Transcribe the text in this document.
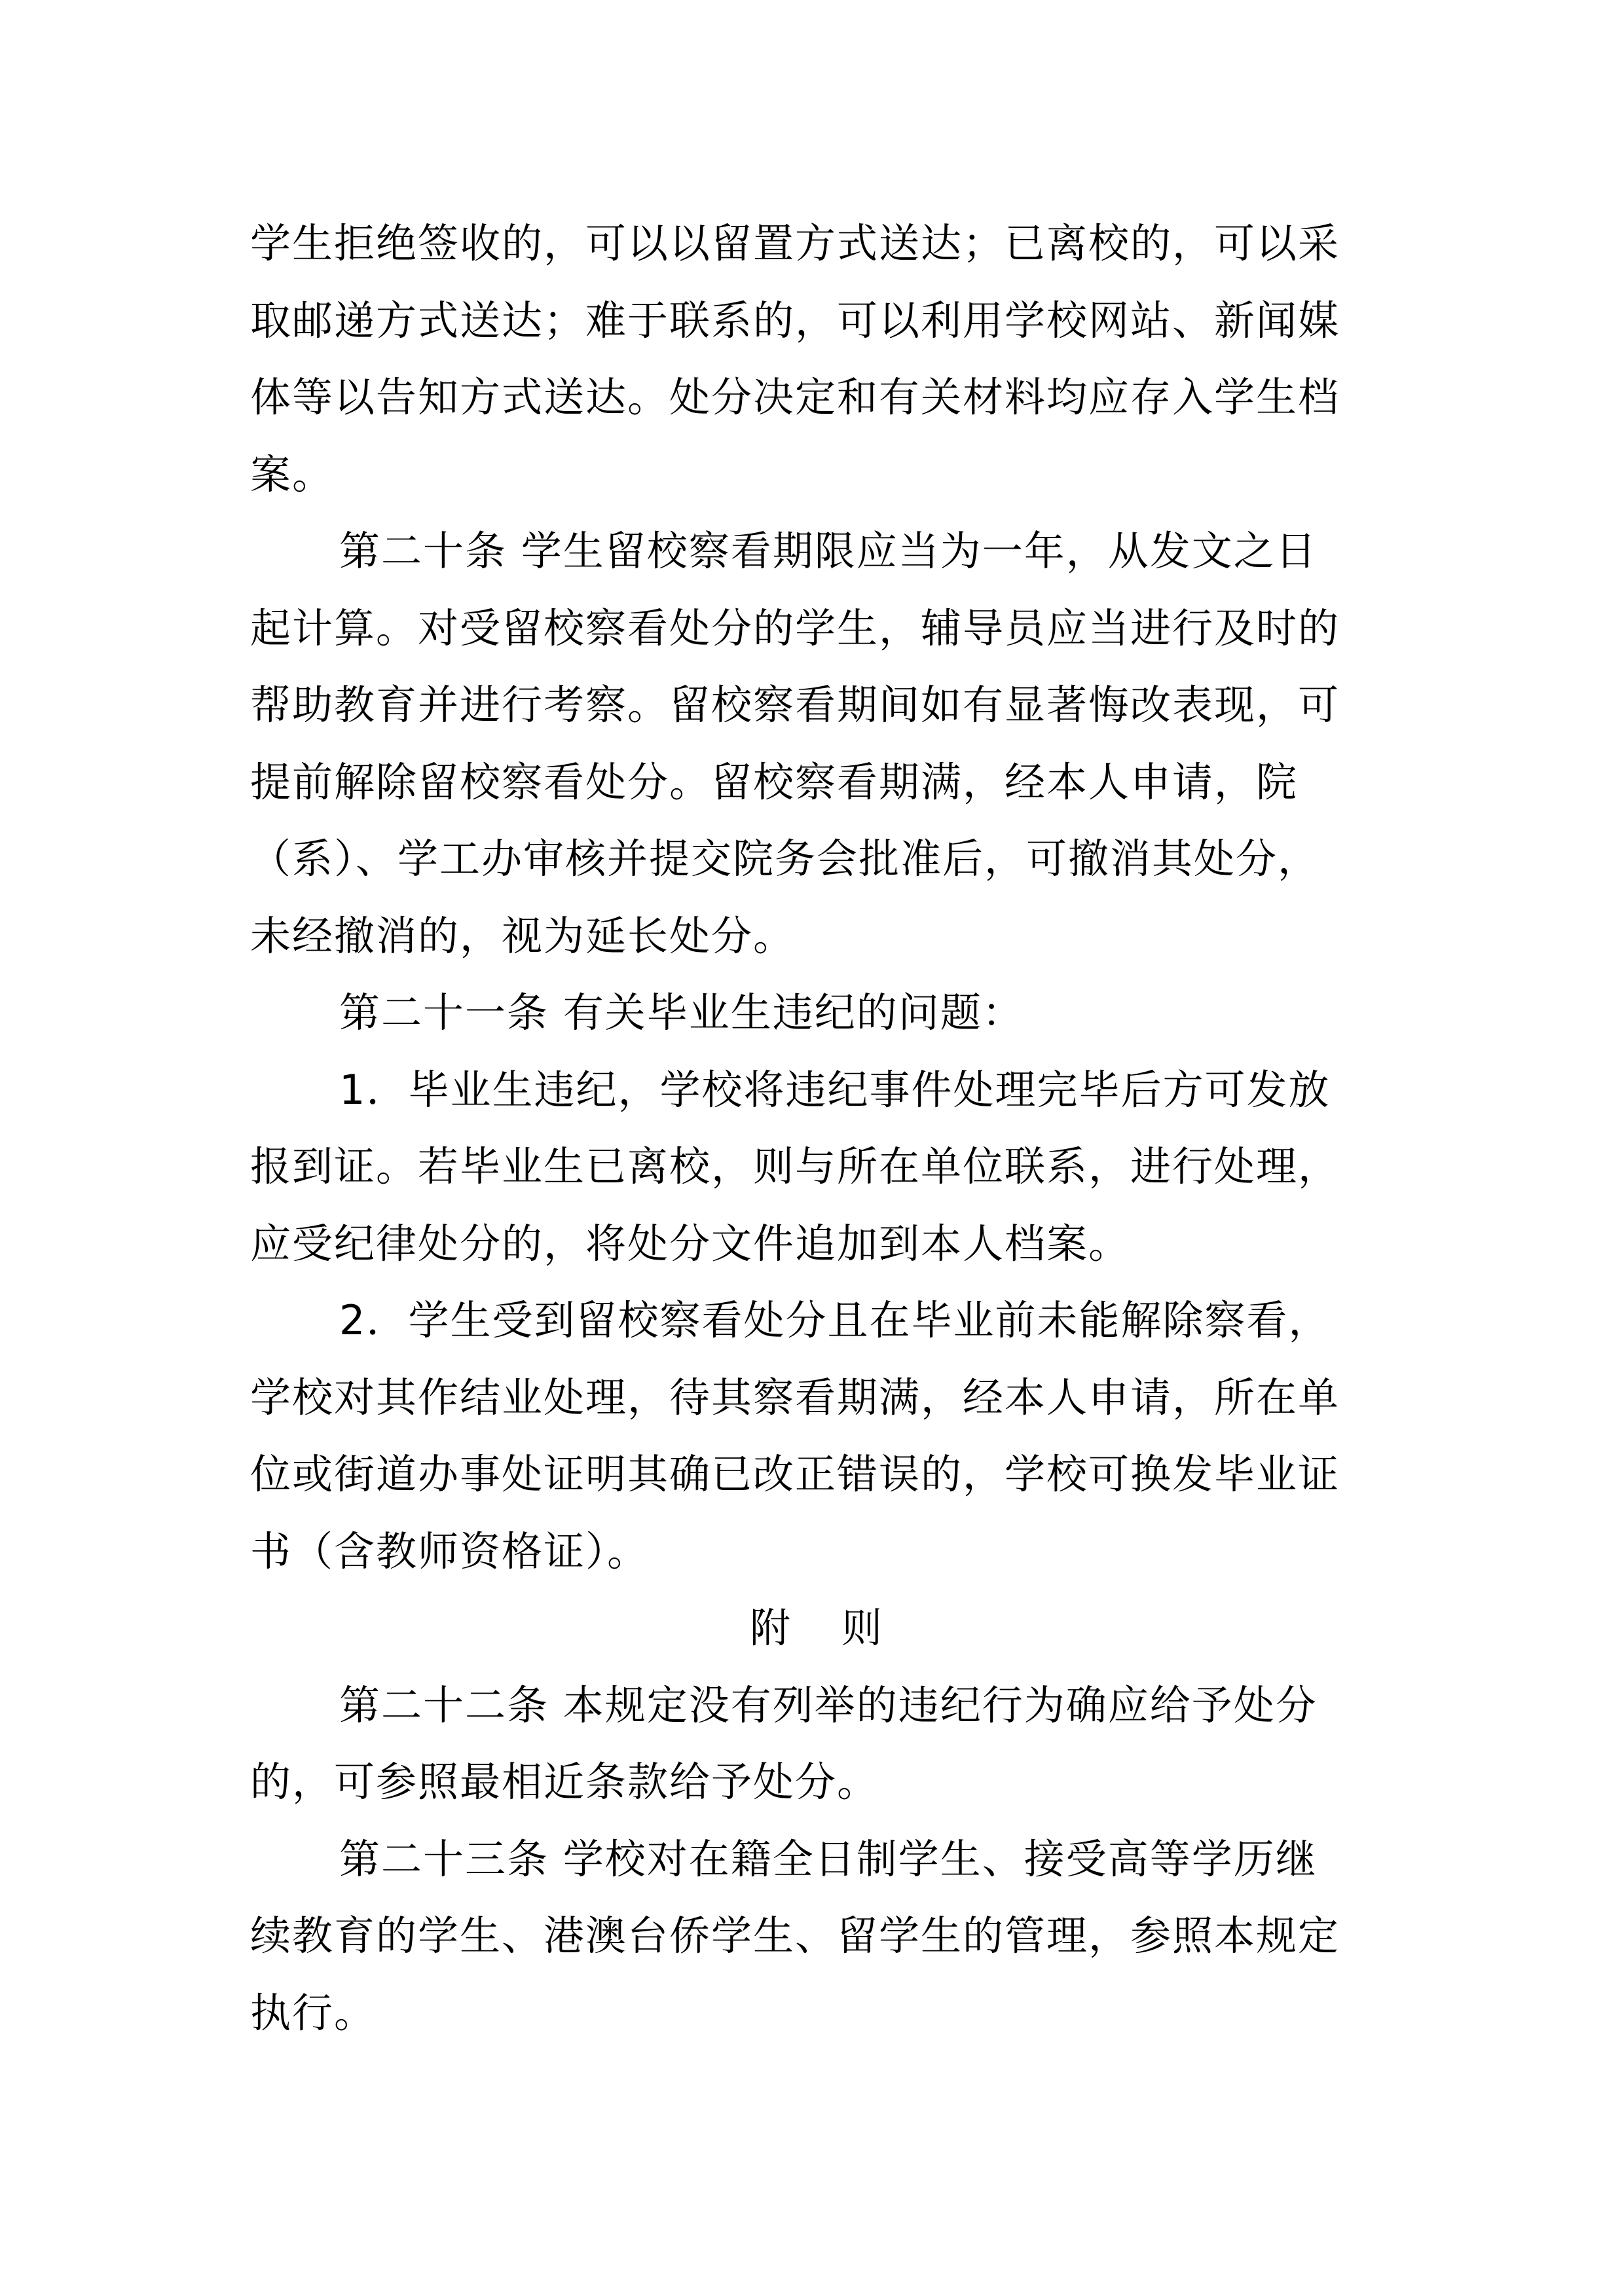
学生拒绝签收的，可以以留置方式送达；已离校的，可以采
取邮递方式送达；难于联系的，可以利用学校网站、新闻媒
体等以告知方式送达。处分决定和有关材料均应存入学生档
案。
第二十条 学生留校察看期限应当为一年，从发文之日
起计算。对受留校察看处分的学生，辅导员应当进行及时的
帮助教育并进行考察。留校察看期间如有显著悔改表现，可
提前解除留校察看处分。留校察看期满，经本人申请，院
（系）、学工办审核并提交院务会批准后，可撤消其处分，
未经撤消的，视为延长处分。
第二十一条 有关毕业生违纪的问题：
1．毕业生违纪，学校将违纪事件处理完毕后方可发放
报到证。若毕业生已离校，则与所在单位联系，进行处理，
应受纪律处分的，将处分文件追加到本人档案。
2．学生受到留校察看处分且在毕业前未能解除察看，
学校对其作结业处理，待其察看期满，经本人申请，所在单
位或街道办事处证明其确已改正错误的，学校可换发毕业证
书（含教师资格证）。
附 则
第二十二条 本规定没有列举的违纪行为确应给予处分
的，可参照最相近条款给予处分。
第二十三条 学校对在籍全日制学生、接受高等学历继
续教育的学生、港澳台侨学生、留学生的管理，参照本规定
执行。
